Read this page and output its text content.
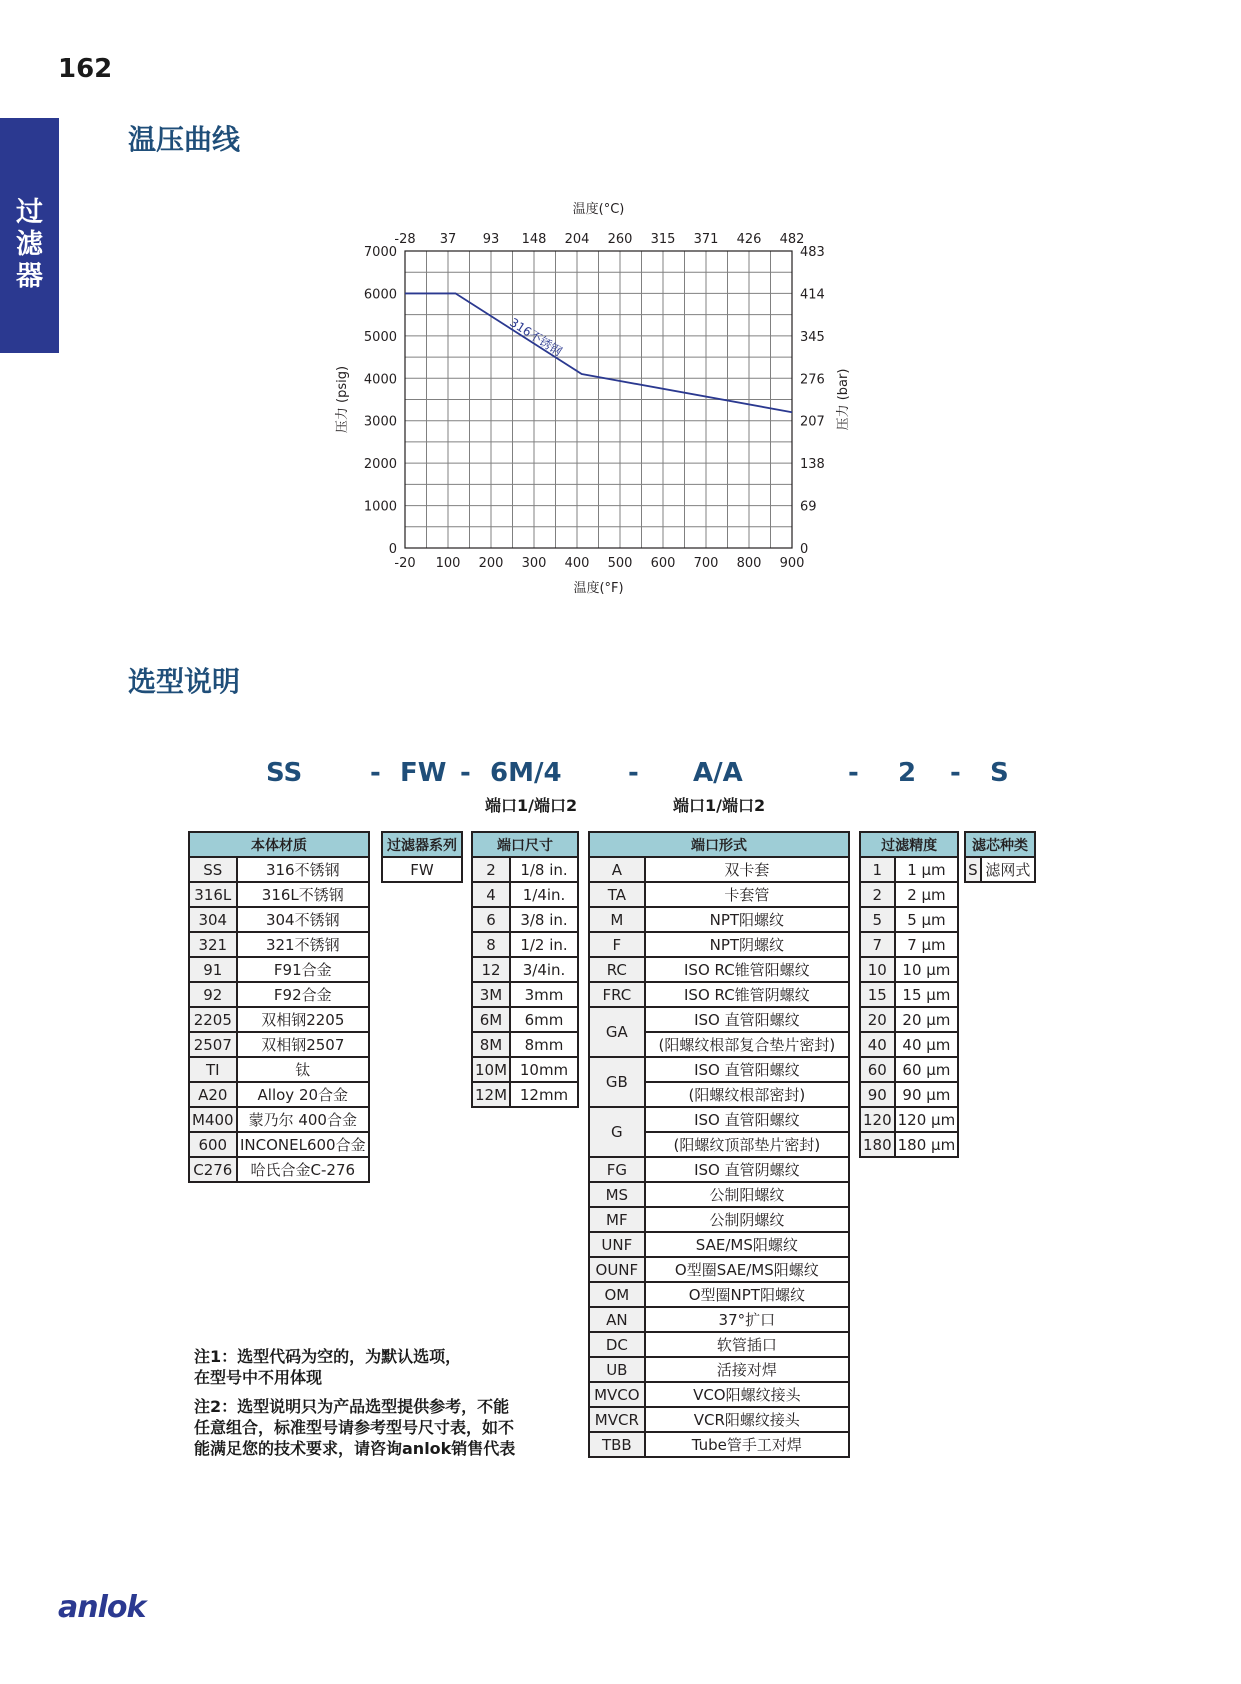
162
过
滤
器
温压曲线
-20 100 200 300 400 500 600 700 800 900
-28 37 93 148 204 260 315 371 426 482
0
1000
2000
3000
4000
5000
6000
7000
0
69
138
207
276
345
414
483
温度(°C)
温度(°F)
压力 (psig)	压力 (bar)
316不锈钢
选型说明
SS	- FW - 6M/4	- A/A	- 2 - S
端口1/端口2	端口1/端口2
本体材质	
SS	316不锈钢
316L	316L不锈钢
304	304不锈钢
321	321不锈钢
91	F91合金
92	F92合金
2205	双相钢2205
2507	双相钢2507
TI	钛
A20	Alloy 20合金
M400	蒙乃尔 400合金
600	INCONEL600合金
C276	哈氏合金C-276
过滤器系列
FW
端口尺寸	
2	1/8 in.
4	1/4in.
6	3/8 in.
8	1/2 in.
12	3/4in.
3M	3mm
6M	6mm
8M	8mm
10M	10mm
12M	12mm
端口形式	
A	双卡套
TA	卡套管
M	NPT阳螺纹
F	NPT阴螺纹
RC	ISO RC锥管阳螺纹
FRC	ISO RC锥管阴螺纹
GA	ISO 直管阳螺纹
	(阳螺纹根部复合垫片密封)
GB	ISO 直管阳螺纹
	(阳螺纹根部密封)
G	ISO 直管阳螺纹
	(阳螺纹顶部垫片密封)
FG	ISO 直管阴螺纹
MS	公制阳螺纹
MF	公制阴螺纹
UNF	SAE/MS阳螺纹
OUNF	O型圈SAE/MS阳螺纹
OM	O型圈NPT阳螺纹
AN	37°扩口
DC	软管插口
UB	活接对焊
MVCO	VCO阳螺纹接头
MVCR	VCR阳螺纹接头
TBB	Tube管手工对焊
过滤精度	
1	1 μm
2	2 μm
5	5 μm
7	7 μm
10	10 μm
15	15 μm
20	20 μm
40	40 μm
60	60 μm
90	90 μm
120	120 μm
180	180 μm
滤芯种类
S	滤网式
注1：选型代码为空的，为默认选项，
在型号中不用体现
注2：选型说明只为产品选型提供参考，不能
任意组合，标准型号请参考型号尺寸表，如不
能满足您的技术要求，请咨询anlok销售代表
anlok
